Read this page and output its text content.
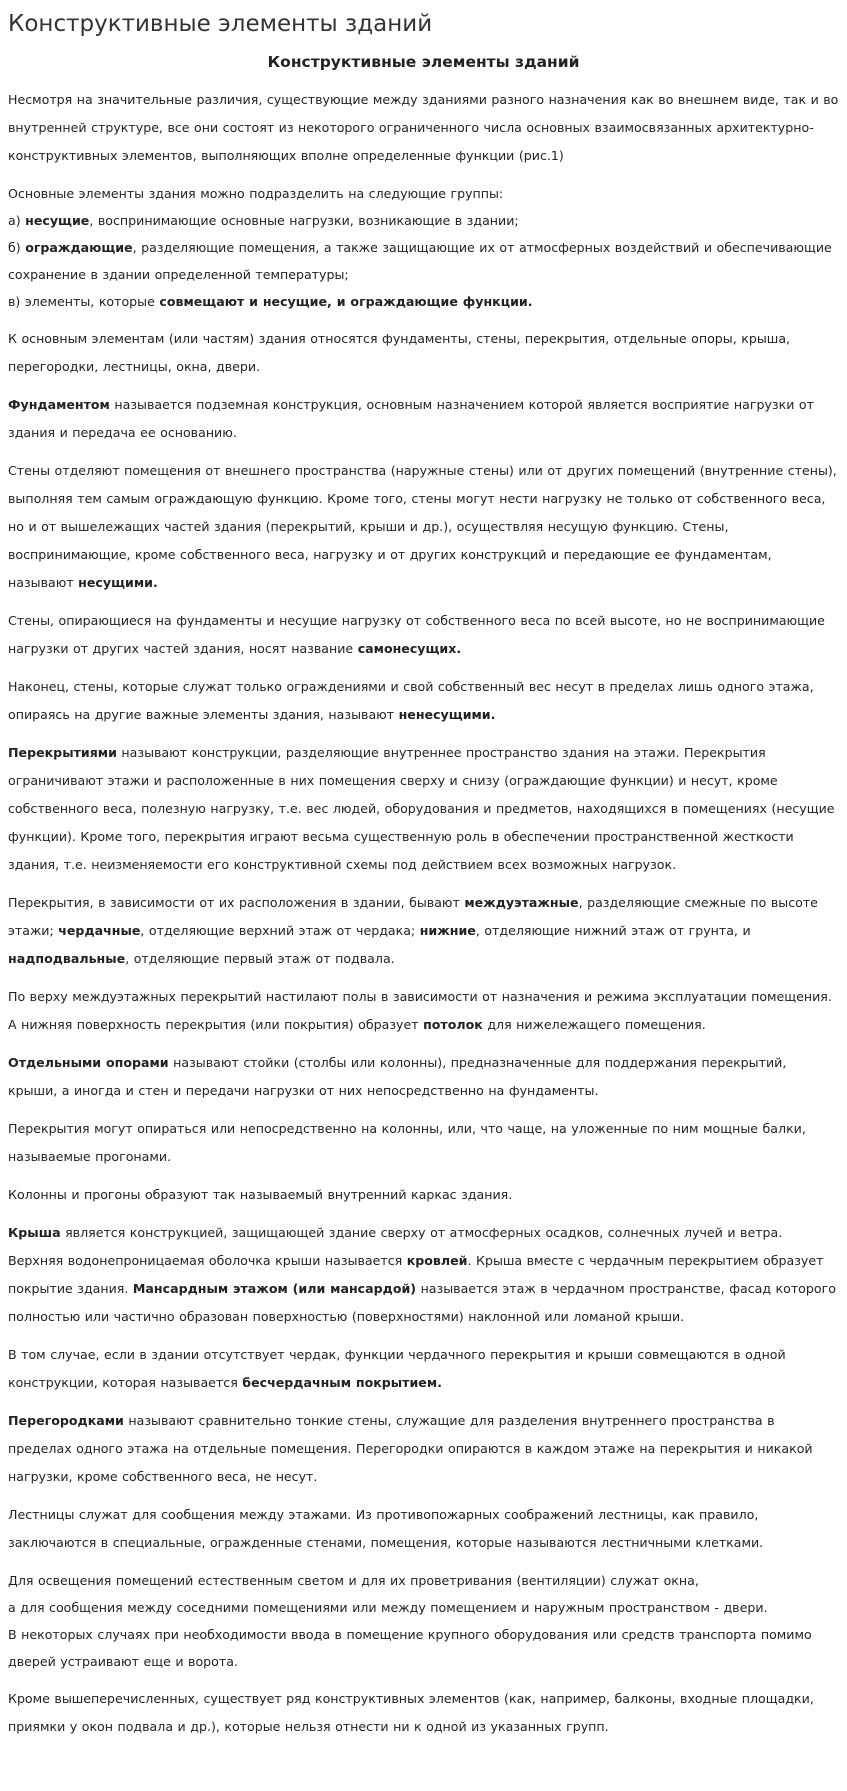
Конструктивные элементы зданий
Конструктивные элементы зданий

Несмотря на значительные различия, существующие между зданиями разного назначения как во внешнем виде, так и во внутренней структуре, все они состоят из некоторого ограниченного числа основных взаимосвязанных архитектурно-конструктивных элементов, выполняющих вполне определенные функции (рис.1)

Основные элементы здания можно подразделить на следующие группы:
а) несущие, воспринимающие основные нагрузки, возникающие в здании;
б) ограждающие, разделяющие помещения, а также защищающие их от атмосферных воздействий и обеспечивающие сохранение в здании определенной температуры;
в) элементы, которые совмещают и несущие, и ограждающие функции.

К основным элементам (или частям) здания относятся фундаменты, стены, перекрытия, отдельные опоры, крыша, перегородки, лестницы, окна, двери.

Фундаментом называется подземная конструкция, основным назначением которой является восприятие нагрузки от здания и передача ее основанию.

Стены отделяют помещения от внешнего пространства (наружные стены) или от других помещений (внутренние стены), выполняя тем самым ограждающую функцию. Кроме того, стены могут нести нагрузку не только от собственного веса, но и от вышележащих частей здания (перекрытий, крыши и др.), осуществляя несущую функцию. Стены, воспринимающие, кроме собственного веса, нагрузку и от других конструкций и передающие ее фундаментам, называют несущими.

Стены, опирающиеся на фундаменты и несущие нагрузку от собственного веса по всей высоте, но не воспринимающие нагрузки от других частей здания, носят название самонесущих.

Наконец, стены, которые служат только ограждениями и свой собственный вес несут в пределах лишь одного этажа, опираясь на другие важные элементы здания, называют ненесущими.

Перекрытиями называют конструкции, разделяющие внутреннее пространство здания на этажи. Перекрытия ограничивают этажи и расположенные в них помещения сверху и снизу (ограждающие функции) и несут, кроме собственного веса, полезную нагрузку, т.е. вес людей, оборудования и предметов, находящихся в помещениях (несущие функции). Кроме того, перекрытия играют весьма существенную роль в обеспечении пространственной жесткости здания, т.е. неизменяемости его конструктивной схемы под действием всех возможных нагрузок.

Перекрытия, в зависимости от их расположения в здании, бывают междуэтажные, разделяющие смежные по высоте этажи; чердачные, отделяющие верхний этаж от чердака; нижние, отделяющие нижний этаж от грунта, и надподвальные, отделяющие первый этаж от подвала.

По верху междуэтажных перекрытий настилают полы в зависимости от назначения и режима эксплуатации помещения. А нижняя поверхность перекрытия (или покрытия) образует потолок для нижележащего помещения.

Отдельными опорами называют стойки (столбы или колонны), предназначенные для поддержания перекрытий, крыши, а иногда и стен и передачи нагрузки от них непосредственно на фундаменты.

Перекрытия могут опираться или непосредственно на колонны, или, что чаще, на уложенные по ним мощные балки, называемые прогонами.

Колонны и прогоны образуют так называемый внутренний каркас здания.

Крыша является конструкцией, защищающей здание сверху от атмосферных осадков, солнечных лучей и ветра. Верхняя водонепроницаемая оболочка крыши называется кровлей. Крыша вместе с чердачным перекрытием образует покрытие здания. Мансардным этажом (или мансардой) называется этаж в чердачном пространстве, фасад которого полностью или частично образован поверхностью (поверхностями) наклонной или ломаной крыши.

В том случае, если в здании отсутствует чердак, функции чердачного перекрытия и крыши совмещаются в одной конструкции, которая называется бесчердачным покрытием.

Перегородками называют сравнительно тонкие стены, служащие для разделения внутреннего пространства в пределах одного этажа на отдельные помещения. Перегородки опираются в каждом этаже на перекрытия и никакой нагрузки, кроме собственного веса, не несут.

Лестницы служат для сообщения между этажами. Из противопожарных соображений лестницы, как правило, заключаются в специальные, огражденные стенами, помещения, которые называются лестничными клетками.

Для освещения помещений естественным светом и для их проветривания (вентиляции) служат окна,
а для сообщения между соседними помещениями или между помещением и наружным пространством - двери.
В некоторых случаях при необходимости ввода в помещение крупного оборудования или средств транспорта помимо дверей устраивают еще и ворота.

Кроме вышеперечисленных, существует ряд конструктивных элементов (как, например, балконы, входные площадки, приямки у окон подвала и др.), которые нельзя отнести ни к одной из указанных групп.
